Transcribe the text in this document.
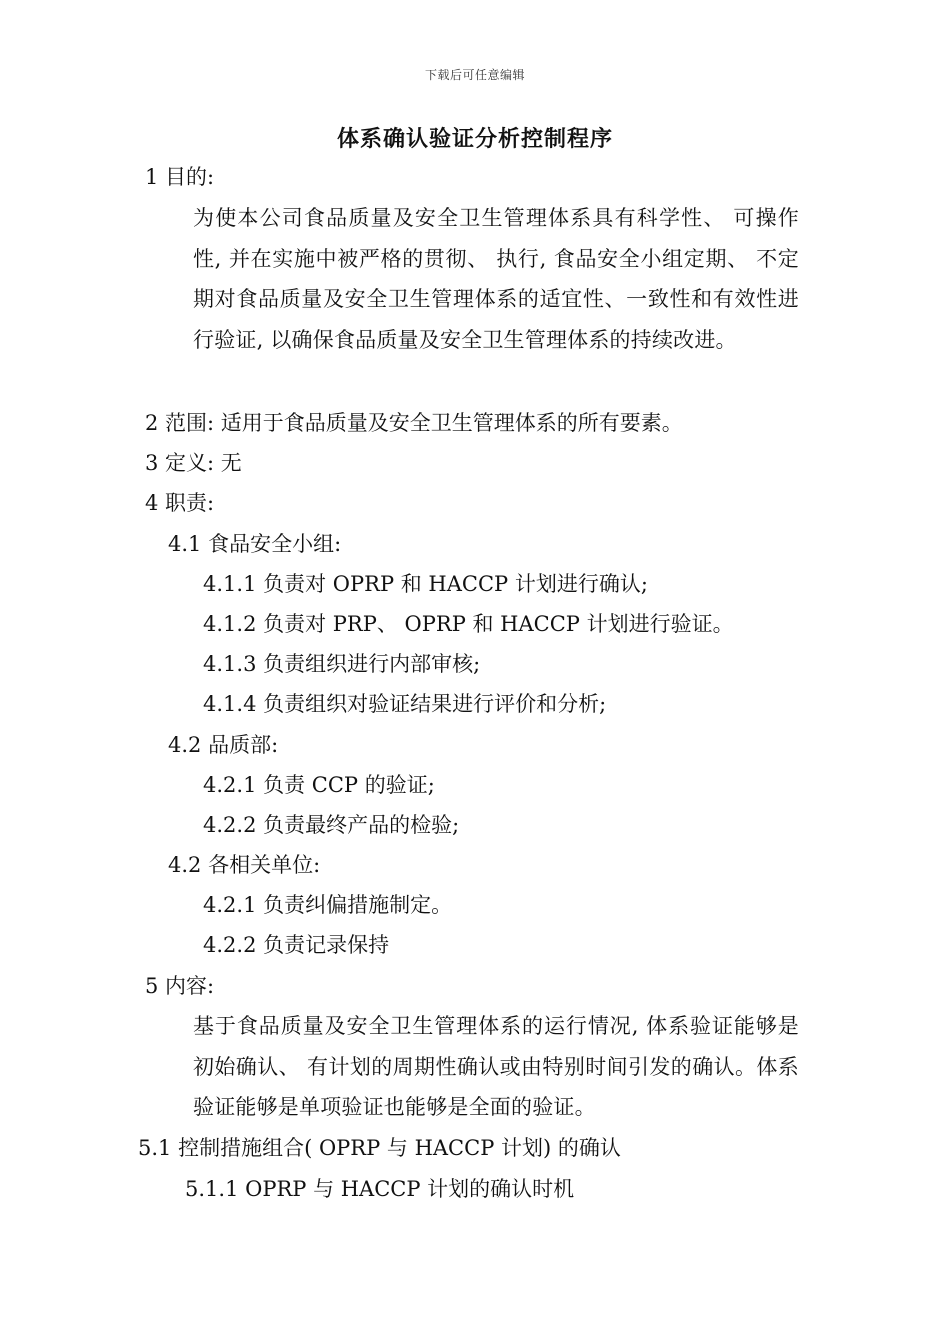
下载后可任意编辑
体系确认验证分析控制程序
1 目的:
为使本公司食品质量及安全卫生管理体系具有科学性、 可操作性, 并在实施中被严格的贯彻、 执行, 食品安全小组定期、 不定期对食品质量及安全卫生管理体系的适宜性、一致性和有效性进行验证, 以确保食品质量及安全卫生管理体系的持续改进。
2 范围: 适用于食品质量及安全卫生管理体系的所有要素。
3 定义: 无
4 职责:
4.1 食品安全小组:
4.1.1 负责对 OPRP 和 HACCP 计划进行确认;
4.1.2 负责对 PRP、 OPRP 和 HACCP 计划进行验证。
4.1.3 负责组织进行内部审核;
4.1.4 负责组织对验证结果进行评价和分析;
4.2 品质部:
4.2.1 负责 CCP 的验证;
4.2.2 负责最终产品的检验;
4.2 各相关单位:
4.2.1 负责纠偏措施制定。
4.2.2 负责记录保持
5 内容:
基于食品质量及安全卫生管理体系的运行情况, 体系验证能够是初始确认、 有计划的周期性确认或由特别时间引发的确认。体系验证能够是单项验证也能够是全面的验证。
5.1 控制措施组合( OPRP 与 HACCP 计划) 的确认
5.1.1 OPRP 与 HACCP 计划的确认时机
